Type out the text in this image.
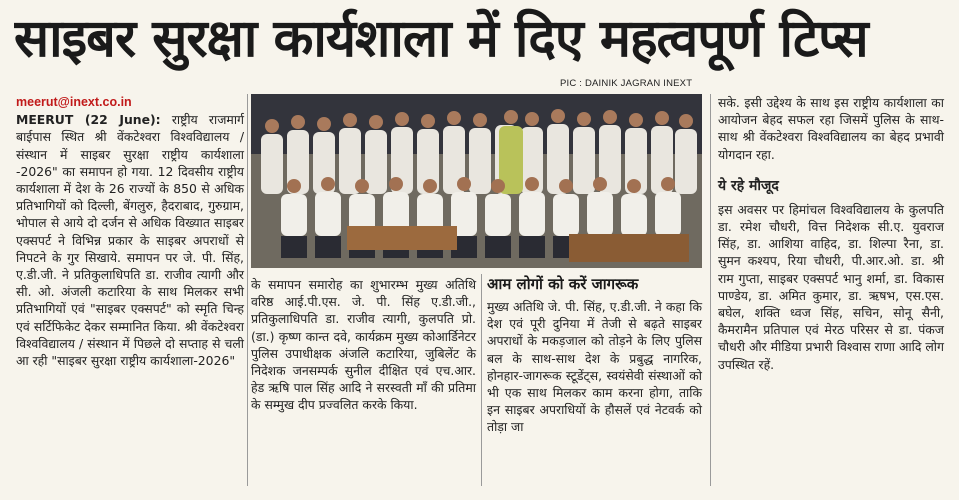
साइबर सुरक्षा कार्यशाला में दिए महत्वपूर्ण टिप्स
PIC : DAINIK JAGRAN INEXT
meerut@inext.co.in

MEERUT (22 June): राष्ट्रीय राजमार्ग बाईपास स्थित श्री वेंकटेश्वरा विश्वविद्यालय / संस्थान में साइबर सुरक्षा राष्ट्रीय कार्यशाला -2026" का समापन हो गया. 12 दिवसीय राष्ट्रीय कार्यशाला में देश के 26 राज्यों के 850 से अधिक प्रतिभागियों को दिल्ली, बेंगलुरु, हैदराबाद, गुरुग्राम, भोपाल से आये दो दर्जन से अधिक विख्यात साइबर एक्सपर्ट ने विभिन्न प्रकार के साइबर अपराधों से निपटने के गुर सिखाये. समापन पर जे. पी. सिंह, ए.डी.जी. ने प्रतिकुलाधिपति डा. राजीव त्यागी और सी. ओ. अंजली कटारिया के साथ मिलकर सभी प्रतिभागियों एवं "साइबर एक्सपर्ट" को स्मृति चिन्ह एवं सर्टिफिकेट देकर सम्मानित किया. श्री वेंकटेश्वरा विश्वविद्यालय / संस्थान में पिछले दो सप्ताह से चली आ रही "साइबर सुरक्षा राष्ट्रीय कार्यशाला-2026"

के समापन समारोह का शुभारम्भ मुख्य अतिथि वरिष्ठ आई.पी.एस. जे. पी. सिंह ए.डी.जी., प्रतिकुलाधिपति डा. राजीव त्यागी, कुलपति प्रो. (डा.) कृष्ण कान्त दवे, कार्यक्रम मुख्य कोआर्डिनेटर पुलिस उपाधीक्षक अंजलि कटारिया, जुबिलेंट के निदेशक जनसम्पर्क सुनील दीक्षित एवं एच.आर. हेड ऋषि पाल सिंह आदि ने सरस्वती माँ की प्रतिमा के सम्मुख दीप प्रज्वलित करके किया.

आम लोगों को करें जागरूक

मुख्य अतिथि जे. पी. सिंह, ए.डी.जी. ने कहा कि देश एवं पूरी दुनिया में तेजी से बढ़ते साइबर अपराधों के मकड़जाल को तोड़ने के लिए पुलिस बल के साथ-साथ देश के प्रबुद्ध नागरिक, होनहार-जागरूक स्टूडेंट्स, स्वयंसेवी संस्थाओं को भी एक साथ मिलकर काम करना होगा, ताकि इन साइबर अपराधियों के हौसलें एवं नेटवर्क को तोड़ा जा

सके. इसी उद्देश्य के साथ इस राष्ट्रीय कार्यशाला का आयोजन बेहद सफल रहा जिसमें पुलिस के साथ-साथ श्री वेंकटेश्वरा विश्वविद्यालय का बेहद प्रभावी योगदान रहा.

ये रहे मौजूद

इस अवसर पर हिमांचल विश्वविद्यालय के कुलपति डा. रमेश चौधरी, वित्त निदेशक सी.ए. युवराज सिंह, डा. आशिया वाहिद, डा. शिल्पा रैना, डा. सुमन कश्यप, रिया चौधरी, पी.आर.ओ. डा. श्री राम गुप्ता, साइबर एक्सपर्ट भानु शर्मा, डा. विकास पाण्डेय, डा. अमित कुमार, डा. ऋषभ, एस.एस. बघेल, शक्ति ध्वज सिंह, सचिन, सोनू सैनी, कैमरामैन प्रतिपाल एवं मेरठ परिसर से डा. पंकज चौधरी और मीडिया प्रभारी विश्वास राणा आदि लोग उपस्थित रहें.
